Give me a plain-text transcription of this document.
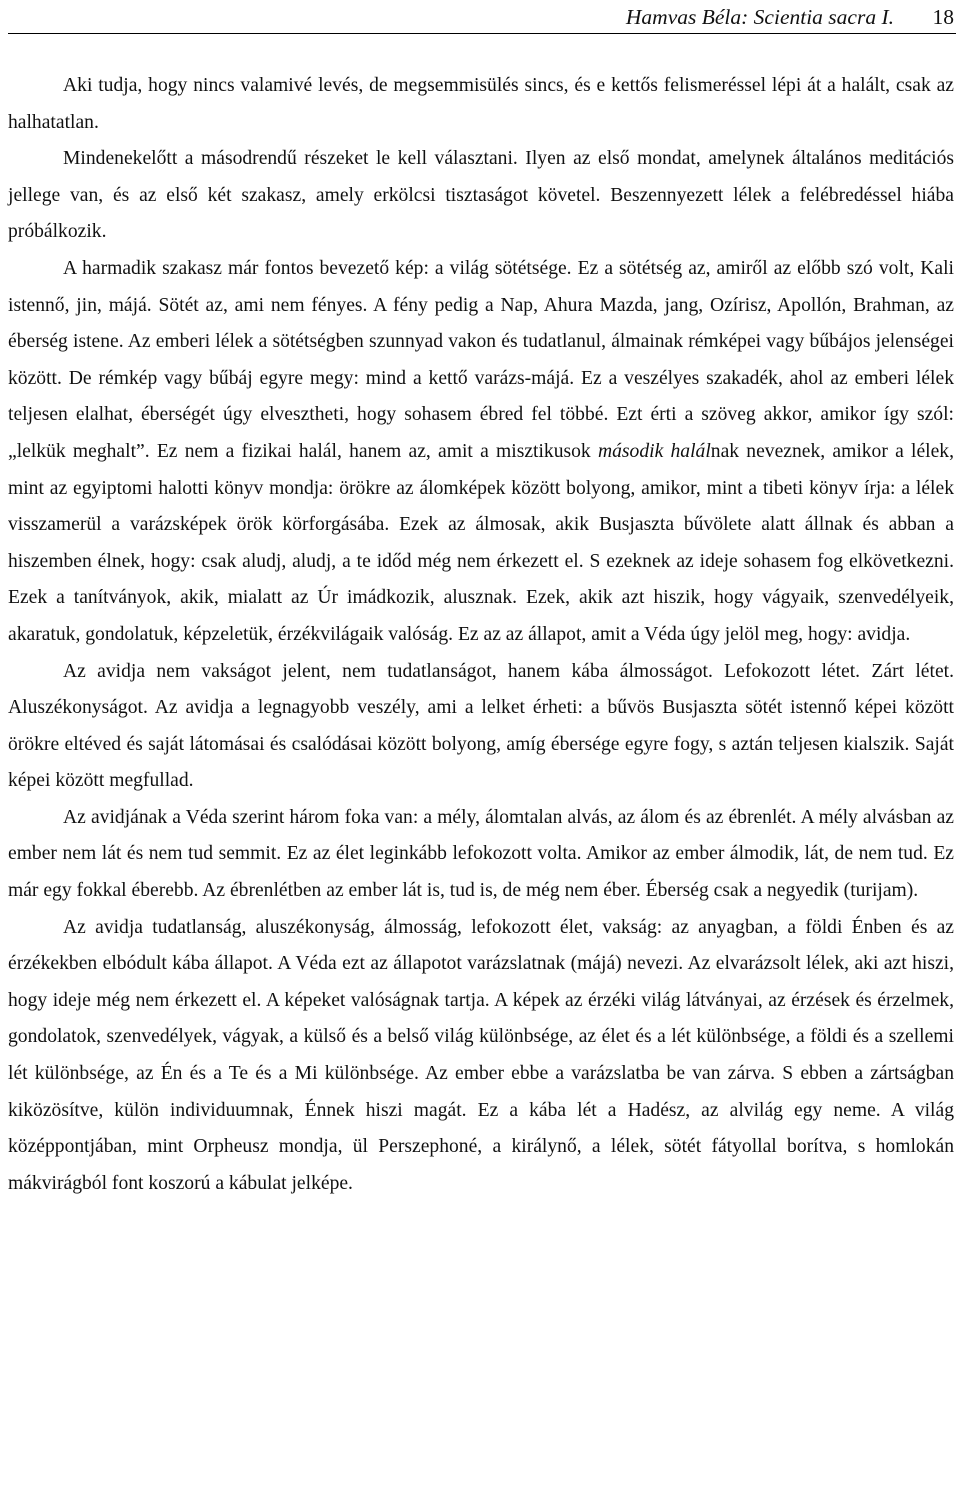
Hamvas Béla: Scientia sacra I. 18

Aki tudja, hogy nincs valamivé levés, de megsemmisülés sincs, és e kettős felismeréssel lépi át a halált, csak az halhatatlan.

Mindenekelőtt a másodrendű részeket le kell választani. Ilyen az első mondat, amelynek általános meditációs jellege van, és az első két szakasz, amely erkölcsi tisztaságot követel. Beszennyezett lélek a felébredéssel hiába próbálkozik.

A harmadik szakasz már fontos bevezető kép: a világ sötétsége. Ez a sötétség az, amiről az előbb szó volt, Kali istennő, jin, májá. Sötét az, ami nem fényes. A fény pedig a Nap, Ahura Mazda, jang, Ozírisz, Apollón, Brahman, az éberség istene. Az emberi lélek a sötétségben szunnyad vakon és tudatlanul, álmainak rémképei vagy bűbájos jelenségei között. De rémkép vagy bűbáj egyre megy: mind a kettő varázs-májá. Ez a veszélyes szakadék, ahol az emberi lélek teljesen elalhat, éberségét úgy elvesztheti, hogy sohasem ébred fel többé. Ezt érti a szöveg akkor, amikor így szól: „lelkük meghalt”. Ez nem a fizikai halál, hanem az, amit a misztikusok második halálnak neveznek, amikor a lélek, mint az egyiptomi halotti könyv mondja: örökre az álomképek között bolyong, amikor, mint a tibeti könyv írja: a lélek visszamerül a varázsképek örök körforgásába. Ezek az álmosak, akik Busjaszta bűvölete alatt állnak és abban a hiszemben élnek, hogy: csak aludj, aludj, a te időd még nem érkezett el. S ezeknek az ideje sohasem fog elkövetkezni. Ezek a tanítványok, akik, mialatt az Úr imádkozik, alusznak. Ezek, akik azt hiszik, hogy vágyaik, szenvedélyeik, akaratuk, gondolatuk, képzeletük, érzékvilágaik valóság. Ez az az állapot, amit a Véda úgy jelöl meg, hogy: avidja.

Az avidja nem vakságot jelent, nem tudatlanságot, hanem kába álmosságot. Lefokozott létet. Zárt létet. Aluszékonyságot. Az avidja a legnagyobb veszély, ami a lelket érheti: a bűvös Busjaszta sötét istennő képei között örökre eltéved és saját látomásai és csalódásai között bolyong, amíg ébersége egyre fogy, s aztán teljesen kialszik. Saját képei között megfullad.

Az avidjának a Véda szerint három foka van: a mély, álomtalan alvás, az álom és az ébrenlét. A mély alvásban az ember nem lát és nem tud semmit. Ez az élet leginkább lefokozott volta. Amikor az ember álmodik, lát, de nem tud. Ez már egy fokkal éberebb. Az ébrenlétben az ember lát is, tud is, de még nem éber. Éberség csak a negyedik (turijam).

Az avidja tudatlanság, aluszékonyság, álmosság, lefokozott élet, vakság: az anyagban, a földi Énben és az érzékekben elbódult kába állapot. A Véda ezt az állapotot varázslatnak (májá) nevezi. Az elvarázsolt lélek, aki azt hiszi, hogy ideje még nem érkezett el. A képeket valóságnak tartja. A képek az érzéki világ látványai, az érzések és érzelmek, gondolatok, szenvedélyek, vágyak, a külső és a belső világ különbsége, az élet és a lét különbsége, a földi és a szellemi lét különbsége, az Én és a Te és a Mi különbsége. Az ember ebbe a varázslatba be van zárva. S ebben a zártságban kiközösítve, külön individuumnak, Énnek hiszi magát. Ez a kába lét a Hadész, az alvilág egy neme. A világ középpontjában, mint Orpheusz mondja, ül Perszephoné, a királynő, a lélek, sötét fátyollal borítva, s homlokán mákvirágból font koszorú a kábulat jelképe.
